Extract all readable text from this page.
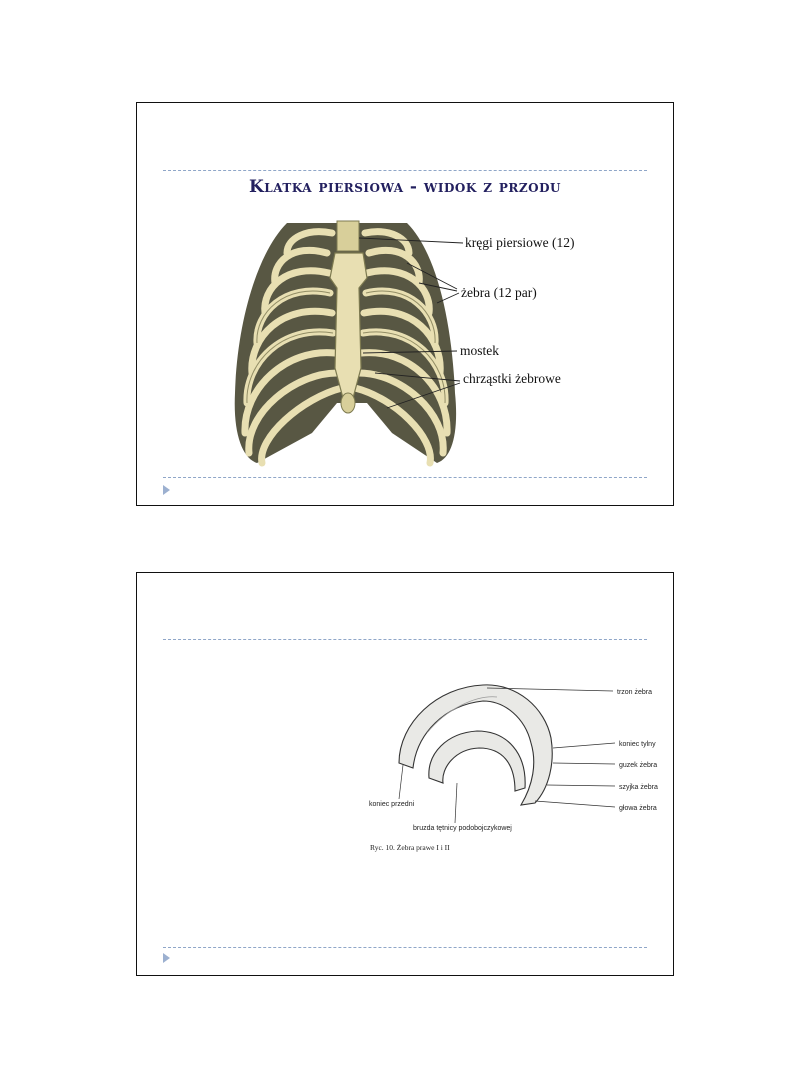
Klatka piersiowa - widok z przodu
kręgi piersiowe (12)
żebra (12 par)
mostek
chrząstki żebrowe
trzon żebra
koniec tylny
guzek żebra
szyjka żebra
głowa żebra
koniec przedni
bruzda tętnicy podobojczykowej
Ryc. 10. Żebra prawe I i II
